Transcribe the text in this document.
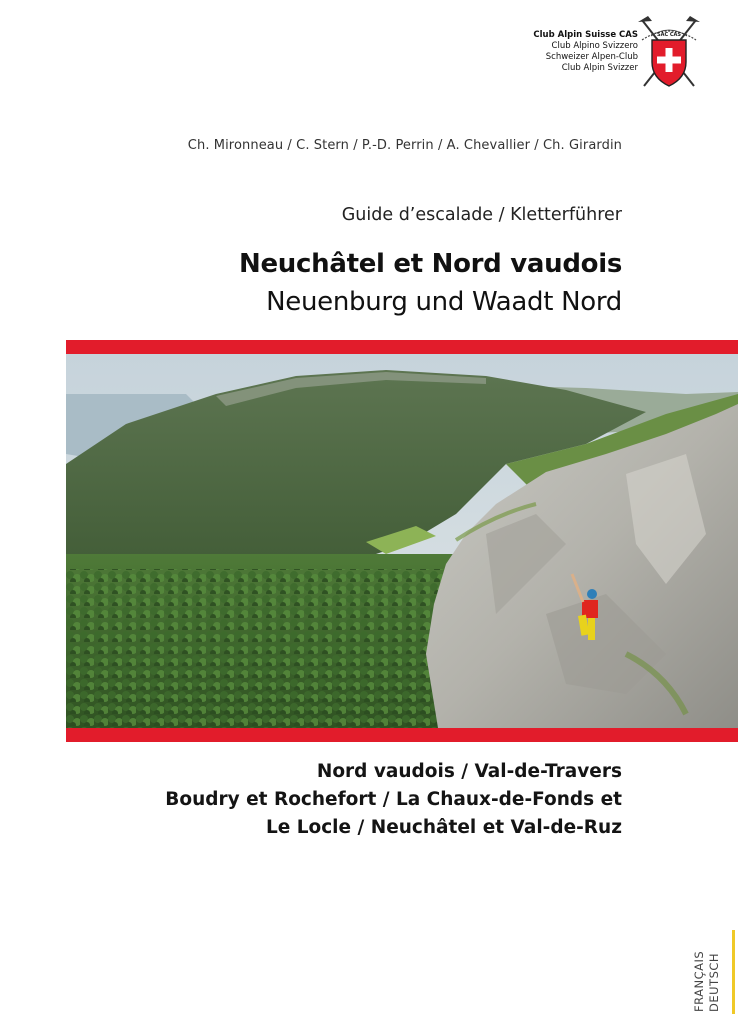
Club Alpin Suisse CAS
Club Alpino Svizzero
Schweizer Alpen-Club
Club Alpin Svizzer
SAC CAS
Ch. Mironneau / C. Stern / P.-D. Perrin / A. Chevallier / Ch. Girardin
Guide d’escalade / Kletterführer
Neuchâtel et Nord vaudois
Neuenburg und Waadt Nord
Nord vaudois / Val-de-Travers
Boudry et Rochefort / La Chaux-de-Fonds et
Le Locle / Neuchâtel et Val-de-Ruz
FRANÇAIS DEUTSCH
